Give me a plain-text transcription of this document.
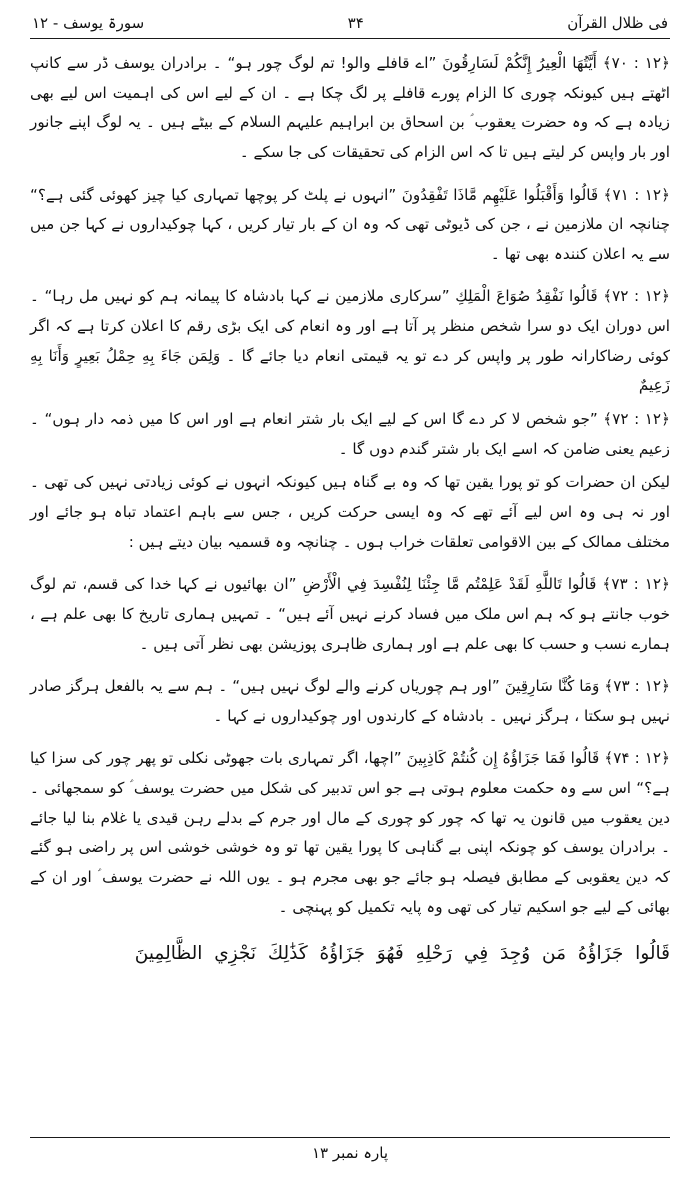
فی ظلال القرآن
۳۴
سورۃ یوسف - ۱۲

﴿۱۲ : ۷۰﴾ أَيَّتُهَا الْعِيرُ إِنَّكُمْ لَسَارِقُونَ ”اے قافلے والو! تم لوگ چور ہو“ ۔ برادران یوسف ڈر سے کانپ اٹھتے ہیں کیونکہ چوری کا الزام پورے قافلے پر لگ چکا ہے ۔ ان کے لیے اس کی اہمیت اس لیے بھی زیادہ ہے کہ وہ حضرت یعقوب ؑ بن اسحاق بن ابراہیم علیہم السلام کے بیٹے ہیں ۔ یہ لوگ اپنے جانور اور بار واپس کر لیتے ہیں تا کہ اس الزام کی تحقیقات کی جا سکے ۔

﴿۱۲ : ۷۱﴾ قَالُوا وَأَقْبَلُوا عَلَيْهِم مَّاذَا تَفْقِدُونَ ”انہوں نے پلٹ کر پوچھا تمہاری کیا چیز کھوئی گئی ہے؟“ چنانچہ ان ملازمین نے ، جن کی ڈیوٹی تھی کہ وہ ان کے بار تیار کریں ، کہا چوکیداروں نے کہا جن میں سے یہ اعلان کنندہ بھی تھا ۔

﴿۱۲ : ۷۲﴾ قَالُوا نَفْقِدُ صُوَاعَ الْمَلِكِ ”سرکاری ملازمین نے کہا بادشاہ کا پیمانہ ہم کو نہیں مل رہا“ ۔ اس دوران ایک دو سرا شخص منظر پر آتا ہے اور وہ انعام کی ایک بڑی رقم کا اعلان کرتا ہے کہ اگر کوئی رضاکارانہ طور پر واپس کر دے تو یہ قیمتی انعام دیا جائے گا ۔ وَلِمَن جَاءَ بِهِ حِمْلُ بَعِيرٍ وَأَنَا بِهِ زَعِيمٌ

﴿۱۲ : ۷۲﴾ ”جو شخص لا کر دے گا اس کے لیے ایک بار شتر انعام ہے اور اس کا میں ذمہ دار ہوں“ ۔ زعیم یعنی ضامن کہ اسے ایک بار شتر گندم دوں گا ۔

لیکن ان حضرات کو تو پورا یقین تھا کہ وہ بے گناہ ہیں کیونکہ انہوں نے کوئی زیادتی نہیں کی تھی ۔ اور نہ ہی وہ اس لیے آئے تھے کہ وہ ایسی حرکت کریں ، جس سے باہم اعتماد تباہ ہو جائے اور مختلف ممالک کے بین الاقوامی تعلقات خراب ہوں ۔ چنانچہ وہ قسمیہ بیان دیتے ہیں :

﴿۱۲ : ۷۳﴾ قَالُوا تَاللَّهِ لَقَدْ عَلِمْتُم مَّا جِئْنَا لِنُفْسِدَ فِي الْأَرْضِ ”ان بھائیوں نے کہا خدا کی قسم، تم لوگ خوب جانتے ہو کہ ہم اس ملک میں فساد کرنے نہیں آئے ہیں“ ۔ تمہیں ہماری تاریخ کا بھی علم ہے ، ہمارے نسب و حسب کا بھی علم ہے اور ہماری ظاہری پوزیشن بھی نظر آتی ہیں ۔

﴿۱۲ : ۷۳﴾ وَمَا كُنَّا سَارِقِينَ ”اور ہم چوریاں کرنے والے لوگ نہیں ہیں“ ۔ ہم سے یہ بالفعل ہرگز صادر نہیں ہو سکتا ، ہرگز نہیں ۔ بادشاہ کے کارندوں اور چوکیداروں نے کہا ۔

﴿۱۲ : ۷۴﴾ قَالُوا فَمَا جَزَاؤُهُ إِن كُنتُمْ كَاذِبِينَ ”اچھا، اگر تمہاری بات جھوٹی نکلی تو پھر چور کی سزا کیا ہے؟“ اس سے وہ حکمت معلوم ہوتی ہے جو اس تدبیر کی شکل میں حضرت یوسف ؑ کو سمجھائی ۔ دین یعقوب میں قانون یہ تھا کہ چور کو چوری کے مال اور جرم کے بدلے رہن قیدی یا غلام بنا لیا جائے ۔ برادران یوسف کو چونکہ اپنی بے گناہی کا پورا یقین تھا تو وہ خوشی خوشی اس پر راضی ہو گئے کہ دین یعقوبی کے مطابق فیصلہ ہو جائے جو بھی مجرم ہو ۔ یوں اللہ نے حضرت یوسف ؑ اور ان کے بھائی کے لیے جو اسکیم تیار کی تھی وہ پایہ تکمیل کو پہنچی ۔

قَالُوا جَزَاؤُهُ مَن وُجِدَ فِي رَحْلِهِ فَهُوَ جَزَاؤُهُ كَذَٰلِكَ نَجْزِي الظَّالِمِينَ
پارہ نمبر ۱۳
